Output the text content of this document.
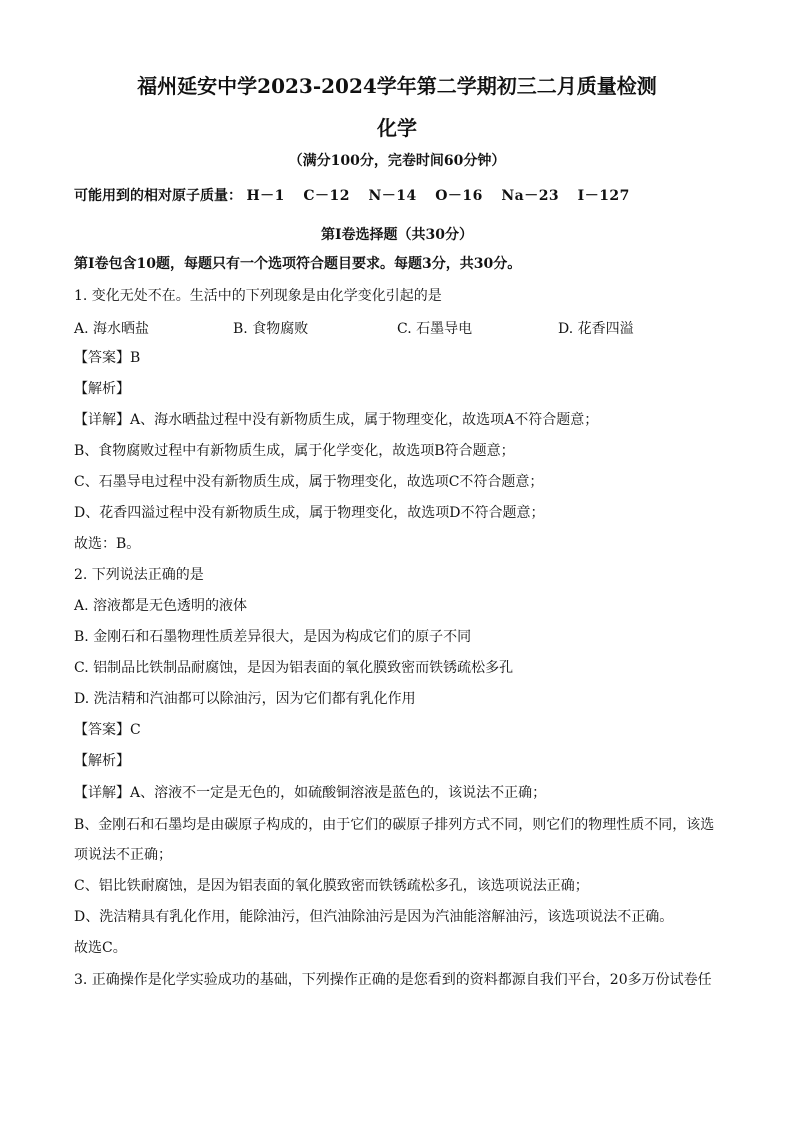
福州延安中学2023-2024学年第二学期初三二月质量检测
化学
（满分100分，完卷时间60分钟）
可能用到的相对原子质量： H－1 C－12 N－14 O－16 Na－23 I－127
第Ⅰ卷选择题（共30分）
第Ⅰ卷包含10题，每题只有一个选项符合题目要求。每题3分，共30分。
1. 变化无处不在。生活中的下列现象是由化学变化引起的是
A. 海水晒盐	B. 食物腐败	C. 石墨导电	D. 花香四溢
【答案】B
【解析】
【详解】A、海水晒盐过程中没有新物质生成，属于物理变化，故选项A不符合题意；
B、食物腐败过程中有新物质生成，属于化学变化，故选项B符合题意；
C、石墨导电过程中没有新物质生成，属于物理变化，故选项C不符合题意；
D、花香四溢过程中没有新物质生成，属于物理变化，故选项D不符合题意；
故选：B。
2. 下列说法正确的是
A. 溶液都是无色透明的液体
B. 金刚石和石墨物理性质差异很大，是因为构成它们的原子不同
C. 铝制品比铁制品耐腐蚀，是因为铝表面的氧化膜致密而铁锈疏松多孔
D. 洗洁精和汽油都可以除油污，因为它们都有乳化作用
【答案】C
【解析】
【详解】A、溶液不一定是无色的，如硫酸铜溶液是蓝色的，该说法不正确；
B、金刚石和石墨均是由碳原子构成的，由于它们的碳原子排列方式不同，则它们的物理性质不同，该选
项说法不正确；
C、铝比铁耐腐蚀，是因为铝表面的氧化膜致密而铁锈疏松多孔，该选项说法正确；
D、洗洁精具有乳化作用，能除油污，但汽油除油污是因为汽油能溶解油污，该选项说法不正确。
故选C。
3. 正确操作是化学实验成功的基础，下列操作正确的是您看到的资料都源自我们平台，20多万份试卷任
